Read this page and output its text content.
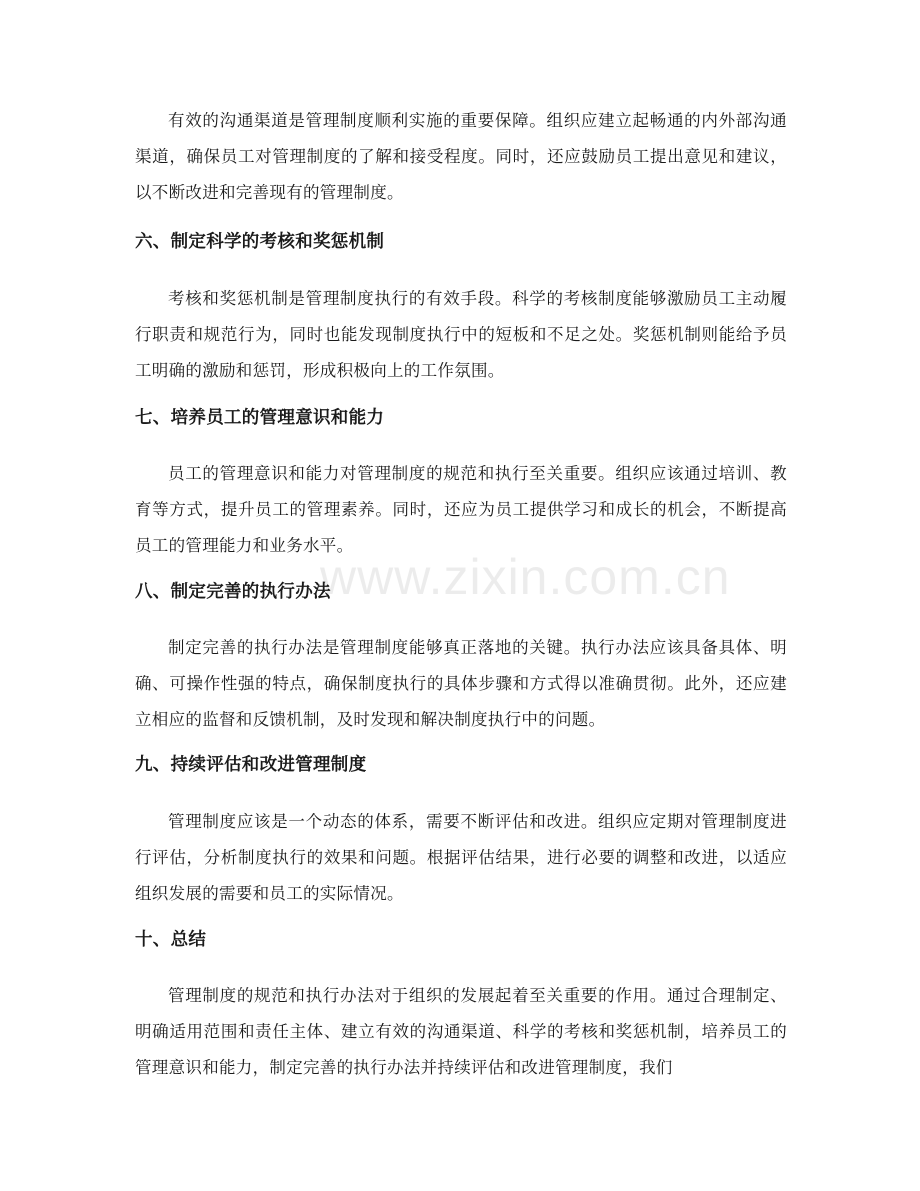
有效的沟通渠道是管理制度顺利实施的重要保障。组织应建立起畅通的内外部沟通渠道，确保员工对管理制度的了解和接受程度。同时，还应鼓励员工提出意见和建议，以不断改进和完善现有的管理制度。

六、制定科学的考核和奖惩机制

考核和奖惩机制是管理制度执行的有效手段。科学的考核制度能够激励员工主动履行职责和规范行为，同时也能发现制度执行中的短板和不足之处。奖惩机制则能给予员工明确的激励和惩罚，形成积极向上的工作氛围。

七、培养员工的管理意识和能力

员工的管理意识和能力对管理制度的规范和执行至关重要。组织应该通过培训、教育等方式，提升员工的管理素养。同时，还应为员工提供学习和成长的机会，不断提高员工的管理能力和业务水平。

八、制定完善的执行办法

制定完善的执行办法是管理制度能够真正落地的关键。执行办法应该具备具体、明确、可操作性强的特点，确保制度执行的具体步骤和方式得以准确贯彻。此外，还应建立相应的监督和反馈机制，及时发现和解决制度执行中的问题。

九、持续评估和改进管理制度

管理制度应该是一个动态的体系，需要不断评估和改进。组织应定期对管理制度进行评估，分析制度执行的效果和问题。根据评估结果，进行必要的调整和改进，以适应组织发展的需要和员工的实际情况。

十、总结

管理制度的规范和执行办法对于组织的发展起着至关重要的作用。通过合理制定、明确适用范围和责任主体、建立有效的沟通渠道、科学的考核和奖惩机制，培养员工的管理意识和能力，制定完善的执行办法并持续评估和改进管理制度，我们

www.zixin.com.cn
